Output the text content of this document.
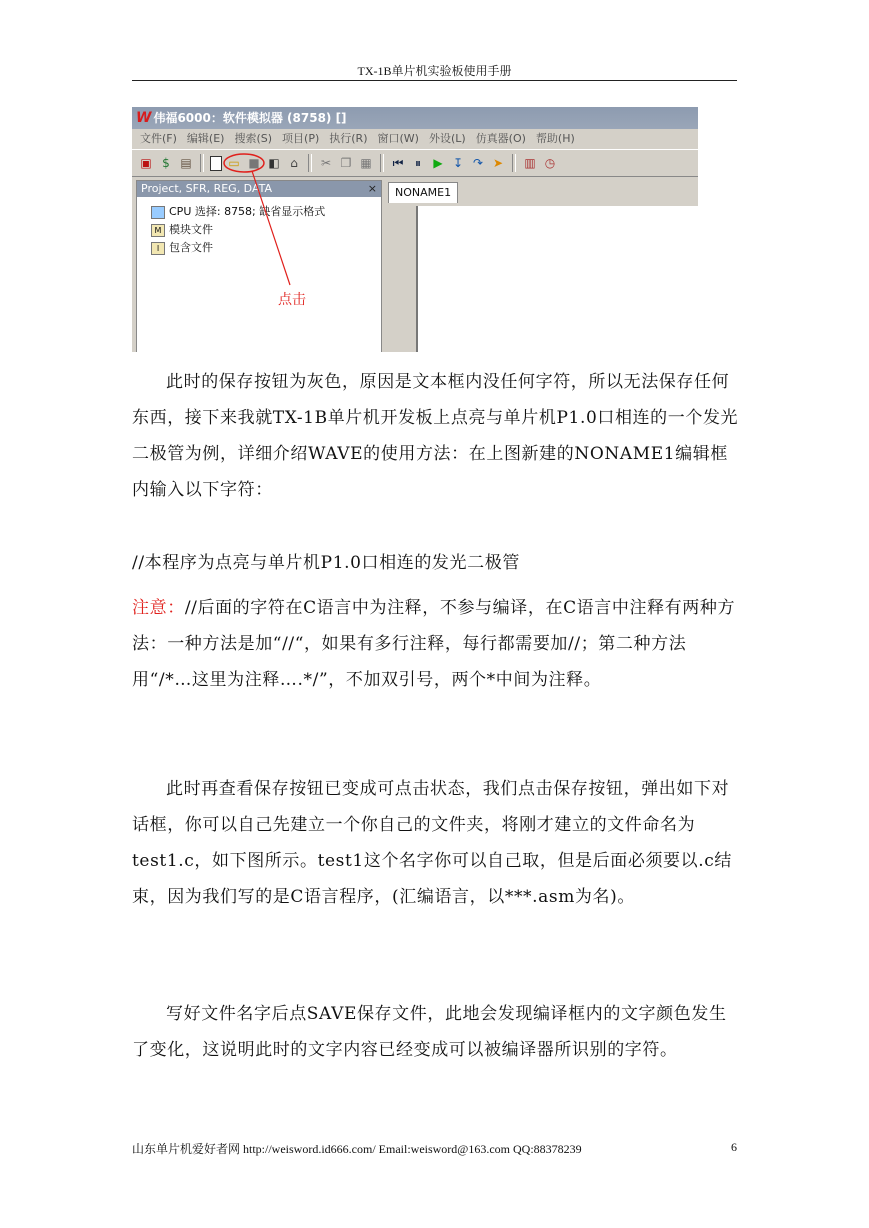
TX-1B单片机实验板使用手册
W 伟福6000：软件模拟器 (8758) []
文件(F) 编辑(E) 搜索(S) 项目(P) 执行(R) 窗口(W) 外设(L) 仿真器(O) 帮助(H)
▣ $ ▤	▭ ■ ◧ ⌂	✂ ❐ ▦ ⏮ ⏸	▶ ↧ ↷ ➤ ▥ ◷
Project, SFR, REG, DATA	×
CPU 选择: 8758; 缺省显示格式
M 模块文件
I 包含文件
NONAME1
点击

此时的保存按钮为灰色，原因是文本框内没任何字符，所以无法保存任何东西，接下来我就TX-1B单片机开发板上点亮与单片机P1.0口相连的一个发光二极管为例，详细介绍WAVE的使用方法：在上图新建的NONAME1编辑框内输入以下字符：

//本程序为点亮与单片机P1.0口相连的发光二极管

注意：//后面的字符在C语言中为注释，不参与编译，在C语言中注释有两种方法：一种方法是加“//“，如果有多行注释，每行都需要加//；第二种方法用“/*…这里为注释….*/”，不加双引号，两个*中间为注释。

此时再查看保存按钮已变成可点击状态，我们点击保存按钮，弹出如下对话框，你可以自己先建立一个你自己的文件夹，将刚才建立的文件命名为test1.c，如下图所示。test1这个名字你可以自己取，但是后面必须要以.c结束，因为我们写的是C语言程序，(汇编语言，以***.asm为名)。

写好文件名字后点SAVE保存文件，此地会发现编译框内的文字颜色发生了变化，这说明此时的文字内容已经变成可以被编译器所识别的字符。

山东单片机爱好者网 http://weisword.id666.com/ Email:weisword@163.com QQ:88378239	6
